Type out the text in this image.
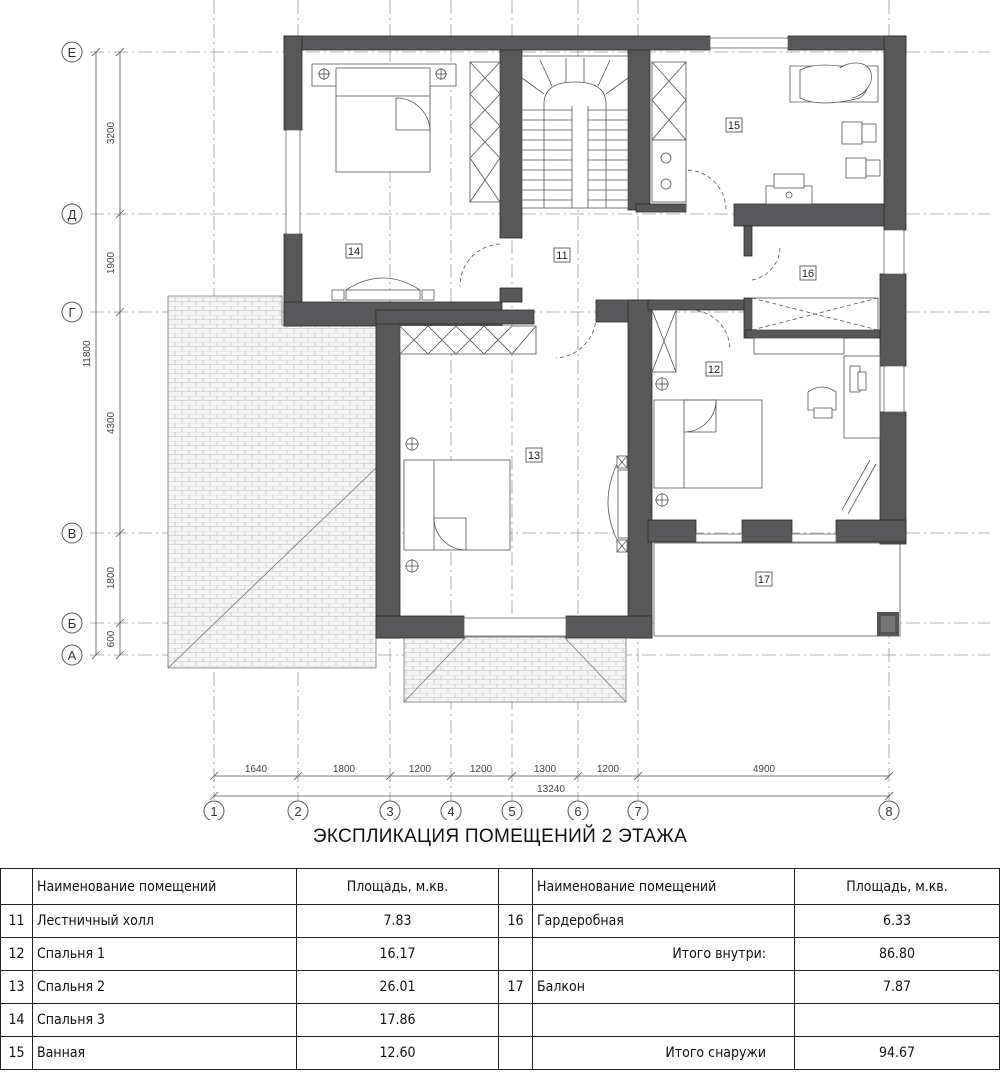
3200
1900
11800
4300
1800
600
Е
Д
Г
В
Б
А
11
12
13
14
15
16
17
1640	1800	1200	1200	1300	1200	4900
13240
1	2	3	4	5	6	7	8
ЭКСПЛИКАЦИЯ ПОМЕЩЕНИЙ 2 ЭТАЖА
	Наименование помещений	Площадь, м.кв.		Наименование помещений	Площадь, м.кв.
11	Лестничный холл	7.83	16	Гардеробная	6.33
12	Спальня 1	16.17		Итого внутри:	86.80
13	Спальня 2	26.01	17	Балкон	7.87
14	Спальня 3	17.86			
15	Ванная	12.60		Итого снаружи	94.67
